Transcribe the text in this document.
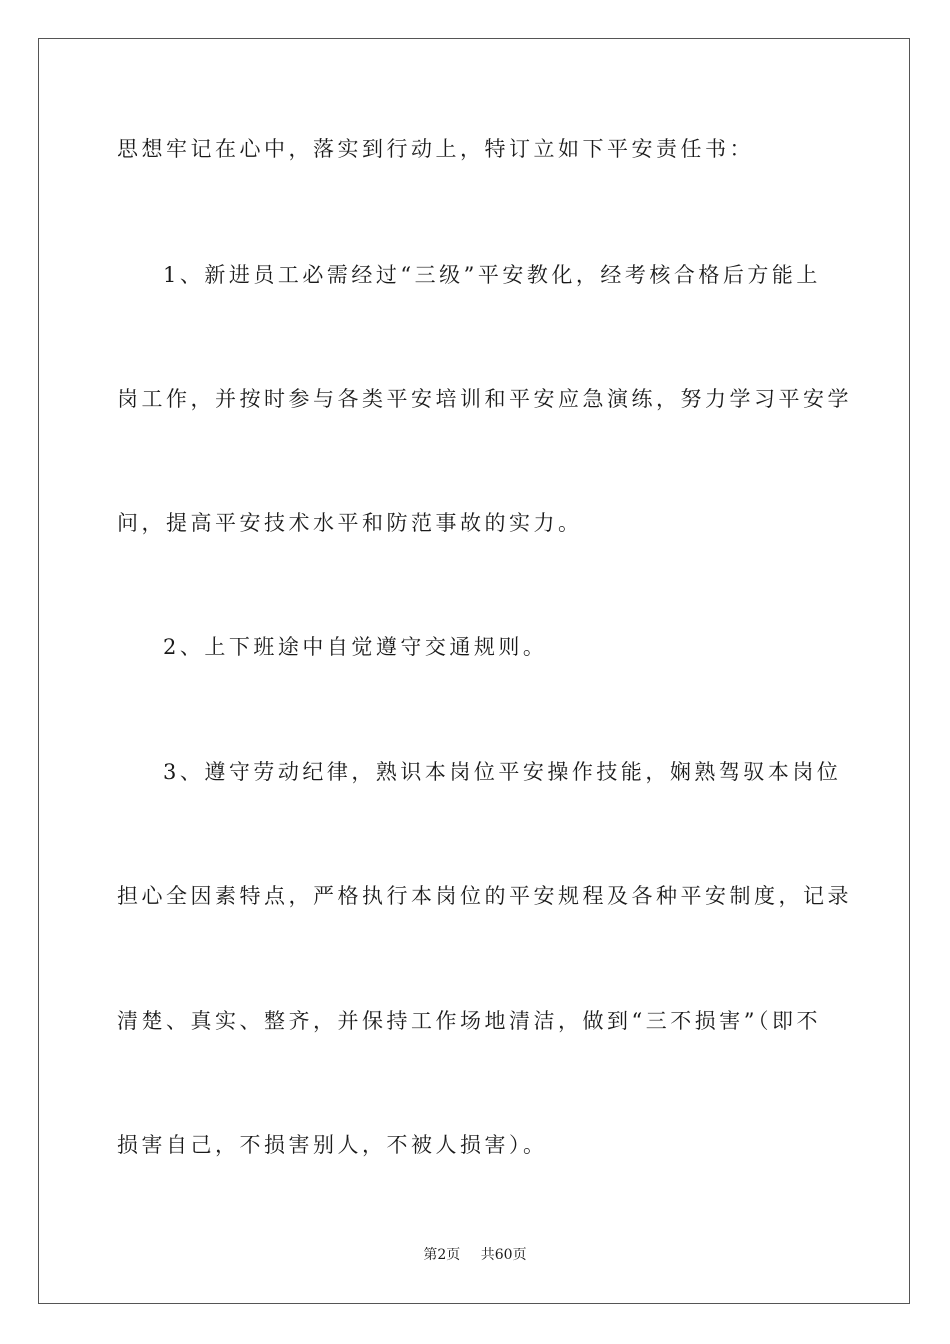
思想牢记在心中，落实到行动上，特订立如下平安责任书：
1、新进员工必需经过“三级”平安教化，经考核合格后方能上
岗工作，并按时参与各类平安培训和平安应急演练，努力学习平安学
问，提高平安技术水平和防范事故的实力。
2、上下班途中自觉遵守交通规则。
3、遵守劳动纪律，熟识本岗位平安操作技能，娴熟驾驭本岗位
担心全因素特点，严格执行本岗位的平安规程及各种平安制度，记录
清楚、真实、整齐，并保持工作场地清洁，做到“三不损害”（即不
损害自己，不损害别人，不被人损害）。
第2页 共60页
